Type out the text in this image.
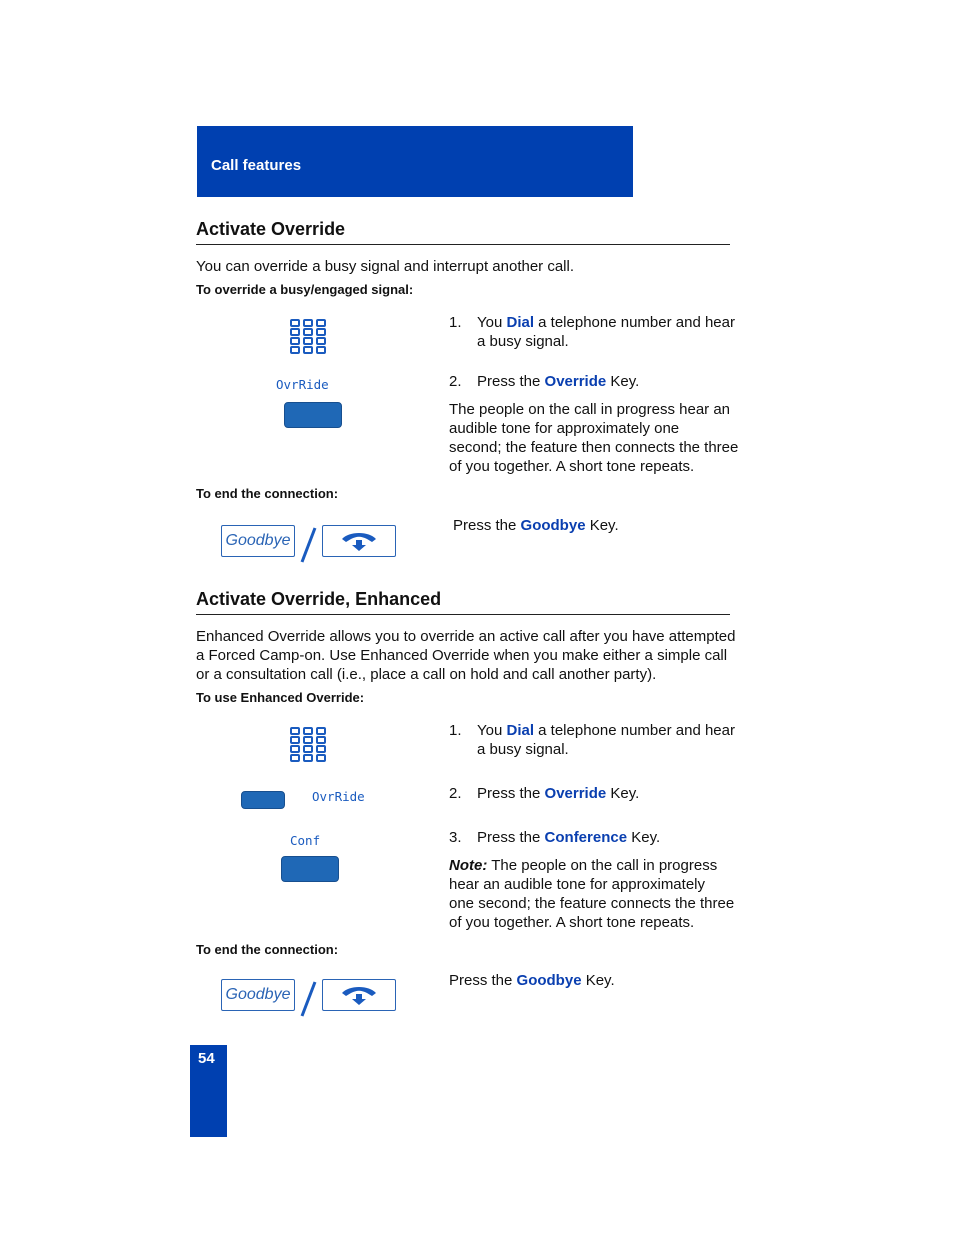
Call features
Activate Override
You can override a busy signal and interrupt another call.
To override a busy/engaged signal:
OvrRide
1. You Dial a telephone number and hear
a busy signal.
2. Press the Override Key.
The people on the call in progress hear an
audible tone for approximately one
second; the feature then connects the three
of you together. A short tone repeats.
To end the connection:
Goodbye
Press the Goodbye Key.
Activate Override, Enhanced
Enhanced Override allows you to override an active call after you have attempted
a Forced Camp-on. Use Enhanced Override when you make either a simple call
or a consultation call (i.e., place a call on hold and call another party).
To use Enhanced Override:
OvrRide
Conf
1. You Dial a telephone number and hear
a busy signal.
2. Press the Override Key.
3. Press the Conference Key.
Note: The people on the call in progress
hear an audible tone for approximately
one second; the feature connects the three
of you together. A short tone repeats.
To end the connection:
Goodbye
Press the Goodbye Key.
54
